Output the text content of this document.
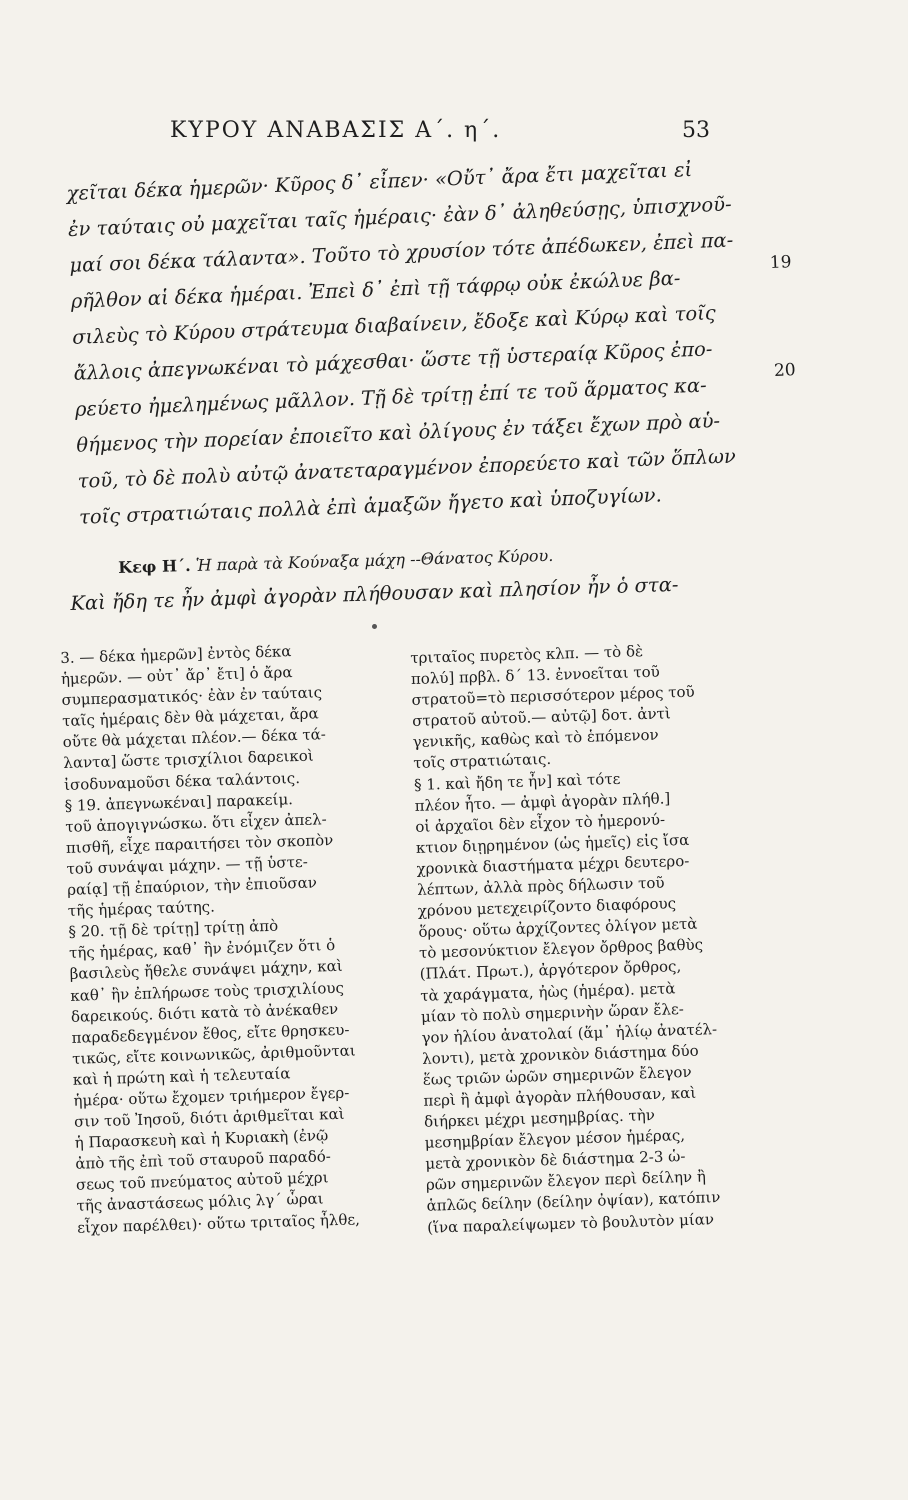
ΚΥΡΟΥ ΑΝΑΒΑΣΙΣ Α΄. η΄.	53
χεῖται δέκα ἡμερῶν· Κῦρος δ᾽ εἶπεν· «Οὔτ᾽ ἄρα ἔτι μαχεῖται εἰ
ἐν ταύταις οὐ μαχεῖται ταῖς ἡμέραις· ἐὰν δ᾽ ἀληθεύσῃς, ὑπισχνοῦ-
μαί σοι δέκα τάλαντα». Τοῦτο τὸ χρυσίον τότε ἀπέδωκεν, ἐπεὶ πα-
ρῆλθον αἱ δέκα ἡμέραι. Ἐπεὶ δ᾽ ἐπὶ τῇ τάφρῳ οὐκ ἐκώλυε βα-
19
σιλεὺς τὸ Κύρου στράτευμα διαβαίνειν, ἔδοξε καὶ Κύρῳ καὶ τοῖς
ἄλλοις ἀπεγνωκέναι τὸ μάχεσθαι· ὥστε τῇ ὑστεραίᾳ Κῦρος ἐπο-
ρεύετο ἠμελημένως μᾶλλον. Τῇ δὲ τρίτῃ ἐπί τε τοῦ ἅρματος κα-
20
θήμενος τὴν πορείαν ἐποιεῖτο καὶ ὀλίγους ἐν τάξει ἔχων πρὸ αὑ-
τοῦ, τὸ δὲ πολὺ αὐτῷ ἀνατεταραγμένον ἐπορεύετο καὶ τῶν ὅπλων
τοῖς στρατιώταις πολλὰ ἐπὶ ἁμαξῶν ἤγετο καὶ ὑποζυγίων.
Κεφ Η΄. Ἡ παρὰ τὰ Κούναξα μάχη --Θάνατος Κύρου.
Καὶ ἤδη τε ἦν ἀμφὶ ἀγορὰν πλήθουσαν καὶ πλησίον ἦν ὁ στα-
3. — δέκα ἡμερῶν] ἐντὸς δέκα
ἡμερῶν. — οὐτ᾽ ἄρ᾽ ἔτι] ὁ ἄρα
συμπερασματικός· ἐὰν ἐν ταύταις
ταῖς ἡμέραις δὲν θὰ μάχεται, ἄρα
οὔτε θὰ μάχεται πλέον.— δέκα τά-
λαντα] ὥστε τρισχίλιοι δαρεικοὶ
ἰσοδυναμοῦσι δέκα ταλάντοις.
§ 19. ἀπεγνωκέναι] παρακείμ.
τοῦ ἀπογιγνώσκω. ὅτι εἶχεν ἀπελ-
πισθῆ, εἶχε παραιτήσει τὸν σκοπὸν
τοῦ συνάψαι μάχην. — τῇ ὑστε-
ραίᾳ] τῇ ἐπαύριον, τὴν ἐπιοῦσαν
τῆς ἡμέρας ταύτης.
§ 20. τῇ δὲ τρίτῃ] τρίτῃ ἀπὸ
τῆς ἡμέρας, καθ᾽ ἣν ἐνόμιζεν ὅτι ὁ
βασιλεὺς ἤθελε συνάψει μάχην, καὶ
καθ᾽ ἣν ἐπλήρωσε τοὺς τρισχιλίους
δαρεικούς. διότι κατὰ τὸ ἀνέκαθεν
παραδεδεγμένον ἔθος, εἴτε θρησκευ-
τικῶς, εἴτε κοινωνικῶς, ἀριθμοῦνται
καὶ ἡ πρώτη καὶ ἡ τελευταία
ἡμέρα· οὕτω ἔχομεν τριήμερον ἔγερ-
σιν τοῦ Ἰησοῦ, διότι ἀριθμεῖται καὶ
ἡ Παρασκευὴ καὶ ἡ Κυριακὴ (ἐνῷ
ἀπὸ τῆς ἐπὶ τοῦ σταυροῦ παραδό-
σεως τοῦ πνεύματος αὐτοῦ μέχρι
τῆς ἀναστάσεως μόλις λγ΄ ὧραι
εἶχον παρέλθει)· οὕτω τριταῖος ἦλθε,
τριταῖος πυρετὸς κλπ. — τὸ δὲ
πολύ] πρβλ. δ΄ 13. ἐννοεῖται τοῦ
στρατοῦ=τὸ περισσότερον μέρος τοῦ
στρατοῦ αὐτοῦ.— αὐτῷ] δοτ. ἀντὶ
γενικῆς, καθὼς καὶ τὸ ἑπόμενον
τοῖς στρατιώταις.
§ 1. καὶ ἤδη τε ἦν] καὶ τότε
πλέον ἦτο. — ἀμφὶ ἀγορὰν πλήθ.]
οἱ ἀρχαῖοι δὲν εἶχον τὸ ἡμερονύ-
κτιον διῃρημένον (ὡς ἡμεῖς) εἰς ἴσα
χρονικὰ διαστήματα μέχρι δευτερο-
λέπτων, ἀλλὰ πρὸς δήλωσιν τοῦ
χρόνου μετεχειρίζοντο διαφόρους
ὅρους· οὕτω ἀρχίζοντες ὀλίγον μετὰ
τὸ μεσονύκτιον ἔλεγον ὄρθρος βαθὺς
(Πλάτ. Πρωτ.), ἀργότερον ὄρθρος,
τὰ χαράγματα, ἠὼς (ἡμέρα). μετὰ
μίαν τὸ πολὺ σημερινὴν ὥραν ἔλε-
γον ἡλίου ἀνατολαί (ἅμ᾽ ἡλίῳ ἀνατέλ-
λοντι), μετὰ χρονικὸν διάστημα δύο
ἕως τριῶν ὡρῶν σημερινῶν ἔλεγον
περὶ ἢ ἀμφὶ ἀγορὰν πλήθουσαν, καὶ
διήρκει μέχρι μεσημβρίας. τὴν
μεσημβρίαν ἔλεγον μέσον ἡμέρας,
μετὰ χρονικὸν δὲ διάστημα 2-3 ὡ-
ρῶν σημερινῶν ἔλεγον περὶ δείλην ἢ
ἁπλῶς δείλην (δείλην ὀψίαν), κατόπιν
(ἵνα παραλείψωμεν τὸ βουλυτὸν μίαν
